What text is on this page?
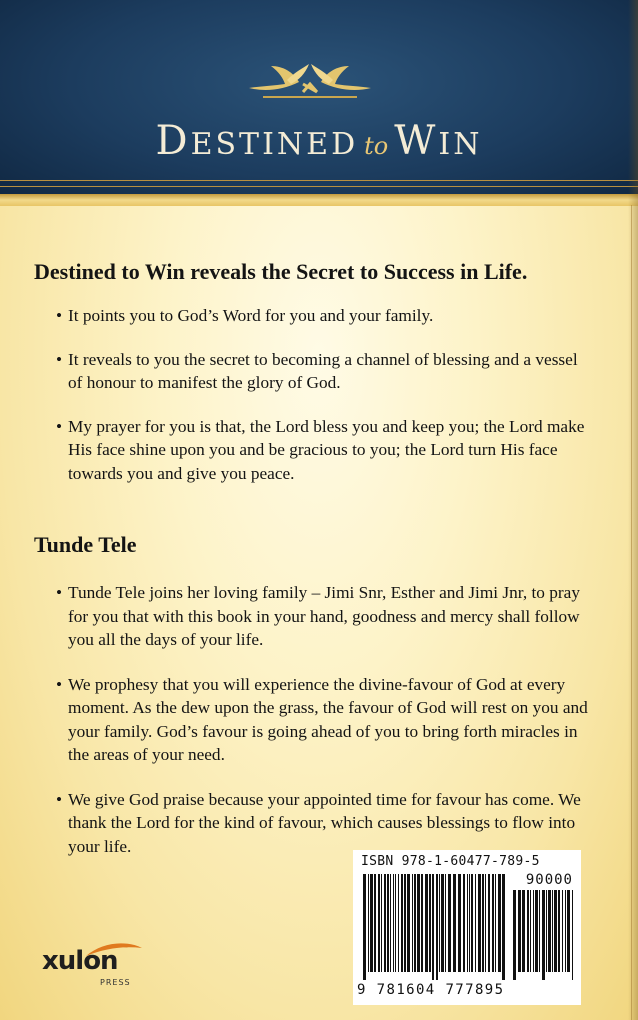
DESTINED to WIN
Destined to Win reveals the Secret to Success in Life.
• It points you to God’s Word for you and your family.
• It reveals to you the secret to becoming a channel of blessing and a vessel of honour to manifest the glory of God.
• My prayer for you is that, the Lord bless you and keep you; the Lord make His face shine upon you and be gracious to you; the Lord turn His face towards you and give you peace.
Tunde Tele
• Tunde Tele joins her loving family – Jimi Snr, Esther and Jimi Jnr, to pray for you that with this book in your hand, goodness and mercy shall follow you all the days of your life.
• We prophesy that you will experience the divine-favour of God at every moment. As the dew upon the grass, the favour of God will rest on you and your family. God’s favour is going ahead of you to bring forth miracles in the areas of your need.
• We give God praise because your appointed time for favour has come. We thank the Lord for the kind of favour, which causes blessings to flow into your life.
xulon
PRESS
ISBN 978-1-60477-789-5
90000
9 781604 777895
